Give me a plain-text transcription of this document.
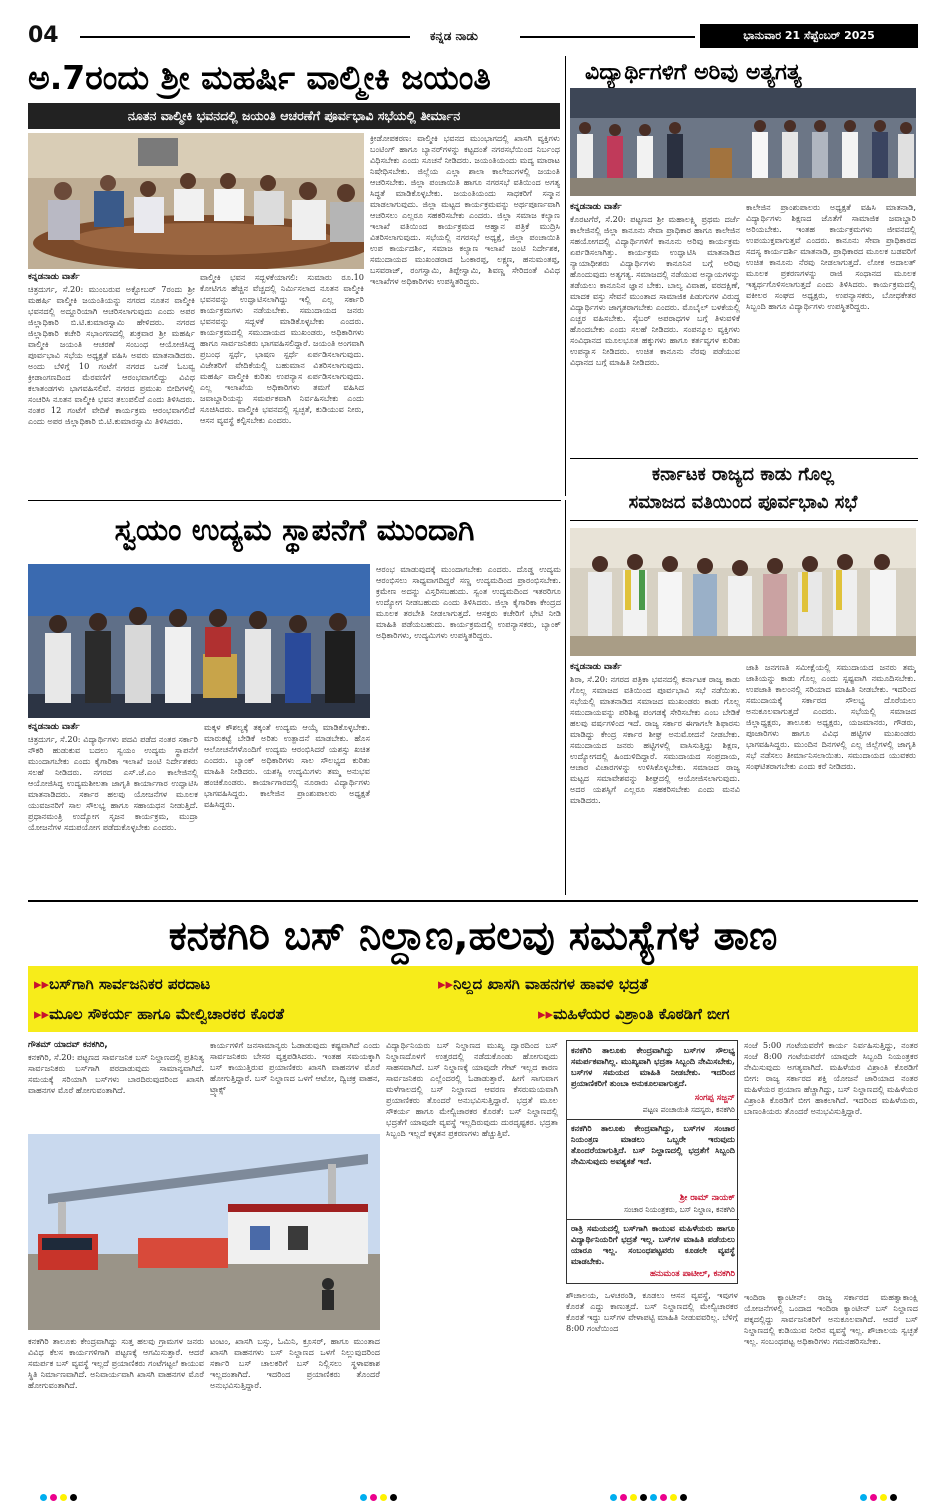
04	ಕನ್ನಡ ನಾಡು	ಭಾನುವಾರ 21 ಸೆಪ್ಟೆಂಬರ್ 2025
ಅ.7ರಂದು ಶ್ರೀ ಮಹರ್ಷಿ ವಾಲ್ಮೀಕಿ ಜಯಂತಿ
ನೂತನ ವಾಲ್ಮೀಕಿ ಭವನದಲ್ಲಿ ಜಯಂತಿ ಆಚರಣೆಗೆ ಪೂರ್ವಭಾವಿ ಸಭೆಯಲ್ಲಿ ತೀರ್ಮಾನ
ಕ್ರೀಡೋಪಕರಣ: ವಾಲ್ಮೀಕಿ ಭವನದ ಮುಂಭಾಗದಲ್ಲಿ ಖಾಸಗಿ ವ್ಯಕ್ತಿಗಳು ಬಂಟಿಂಗ್ ಹಾಗೂ ಬ್ಯಾನರ್‌ಗಳನ್ನು ಕಟ್ಟದಂತೆ ನಗರಸಭೆಯಿಂದ ನಿರ್ಬಂಧ ವಿಧಿಸಬೇಕು ಎಂದು ಸೂಚನೆ ನೀಡಿದರು. ಜಯಂತಿಯಂದು ಮದ್ಯ ಮಾರಾಟ ನಿಷೇಧಿಸಬೇಕು. ಜಿಲ್ಲೆಯ ಎಲ್ಲಾ ಶಾಲಾ ಕಾಲೇಜುಗಳಲ್ಲಿ ಜಯಂತಿ ಆಚರಿಸಬೇಕು. ಜಿಲ್ಲಾ ಪಂಚಾಯಿತಿ ಹಾಗೂ ನಗರಸಭೆ ವತಿಯಿಂದ ಅಗತ್ಯ ಸಿದ್ಧತೆ ಮಾಡಿಕೊಳ್ಳಬೇಕು. ಜಯಂತಿಯಂದು ಸಾಧಕರಿಗೆ ಸನ್ಮಾನ ಮಾಡಲಾಗುವುದು. ಜಿಲ್ಲಾ ಮಟ್ಟದ ಕಾರ್ಯಕ್ರಮವನ್ನು ಅರ್ಥಪೂರ್ಣವಾಗಿ ಆಚರಿಸಲು ಎಲ್ಲರೂ ಸಹಕರಿಸಬೇಕು ಎಂದರು. ಜಿಲ್ಲಾ ಸಮಾಜ ಕಲ್ಯಾಣ ಇಲಾಖೆ ವತಿಯಿಂದ ಕಾರ್ಯಕ್ರಮದ ಆಹ್ವಾನ ಪತ್ರಿಕೆ ಮುದ್ರಿಸಿ ವಿತರಿಸಲಾಗುವುದು. ಸಭೆಯಲ್ಲಿ ನಗರಸಭೆ ಅಧ್ಯಕ್ಷೆ, ಜಿಲ್ಲಾ ಪಂಚಾಯಿತಿ ಉಪ ಕಾರ್ಯದರ್ಶಿ, ಸಮಾಜ ಕಲ್ಯಾಣ ಇಲಾಖೆ ಜಂಟಿ ನಿರ್ದೇಶಕ, ಸಮುದಾಯದ ಮುಖಂಡರಾದ ಓಂಕಾರಪ್ಪ, ಲಕ್ಷ್ಮಣ, ಹನುಮಂತಪ್ಪ, ಬಸವರಾಜ್, ರಂಗಸ್ವಾಮಿ, ತಿಪ್ಪೇಸ್ವಾಮಿ, ಶಿವಣ್ಣ ಸೇರಿದಂತೆ ವಿವಿಧ ಇಲಾಖೆಗಳ ಅಧಿಕಾರಿಗಳು ಉಪಸ್ಥಿತರಿದ್ದರು.
ಕನ್ನಡನಾಡು ವಾರ್ತೆ
ಚಿತ್ರದುರ್ಗ, ಸೆ.20: ಮುಂಬರುವ ಅಕ್ಟೋಬರ್ 7ರಂದು ಶ್ರೀ ಮಹರ್ಷಿ ವಾಲ್ಮೀಕಿ ಜಯಂತಿಯನ್ನು ನಗರದ ನೂತನ ವಾಲ್ಮೀಕಿ ಭವನದಲ್ಲಿ ಅದ್ದೂರಿಯಾಗಿ ಆಚರಿಸಲಾಗುವುದು ಎಂದು ಅಪರ ಜಿಲ್ಲಾಧಿಕಾರಿ ಬಿ.ಟಿ.ಕುಮಾರಸ್ವಾಮಿ ಹೇಳಿದರು. ನಗರದ ಜಿಲ್ಲಾಧಿಕಾರಿ ಕಚೇರಿ ಸಭಾಂಗಣದಲ್ಲಿ ಶುಕ್ರವಾರ ಶ್ರೀ ಮಹರ್ಷಿ ವಾಲ್ಮೀಕಿ ಜಯಂತಿ ಆಚರಣೆ ಸಂಬಂಧ ಆಯೋಜಿಸಿದ್ದ ಪೂರ್ವಭಾವಿ ಸಭೆಯ ಅಧ್ಯಕ್ಷತೆ ವಹಿಸಿ ಅವರು ಮಾತನಾಡಿದರು. ಅಂದು ಬೆಳಿಗ್ಗೆ 10 ಗಂಟೆಗೆ ನಗರದ ಒನಕೆ ಓಬವ್ವ ಕ್ರೀಡಾಂಗಣದಿಂದ ಮೆರವಣಿಗೆ ಆರಂಭವಾಗಲಿದ್ದು ವಿವಿಧ ಕಲಾತಂಡಗಳು ಭಾಗವಹಿಸಲಿವೆ. ನಗರದ ಪ್ರಮುಖ ಬೀದಿಗಳಲ್ಲಿ ಸಂಚರಿಸಿ ನೂತನ ವಾಲ್ಮೀಕಿ ಭವನ ತಲುಪಲಿದೆ ಎಂದು ತಿಳಿಸಿದರು. ನಂತರ 12 ಗಂಟೆಗೆ ವೇದಿಕೆ ಕಾರ್ಯಕ್ರಮ ಆರಂಭವಾಗಲಿದೆ ಎಂದು ಅಪರ ಜಿಲ್ಲಾಧಿಕಾರಿ ಬಿ.ಟಿ.ಕುಮಾರಸ್ವಾಮಿ ತಿಳಿಸಿದರು.
ವಾಲ್ಮೀಕಿ ಭವನ ಸದ್ಬಳಕೆಯಾಗಲಿ: ಸುಮಾರು ರೂ.10 ಕೋಟಿಗೂ ಹೆಚ್ಚಿನ ವೆಚ್ಚದಲ್ಲಿ ನಿರ್ಮಿಸಲಾದ ನೂತನ ವಾಲ್ಮೀಕಿ ಭವನವನ್ನು ಉದ್ಘಾಟಿಸಲಾಗಿದ್ದು ಇಲ್ಲಿ ಎಲ್ಲ ಸರ್ಕಾರಿ ಕಾರ್ಯಕ್ರಮಗಳು ನಡೆಯಬೇಕು. ಸಮುದಾಯದ ಜನರು ಭವನವನ್ನು ಸದ್ಬಳಕೆ ಮಾಡಿಕೊಳ್ಳಬೇಕು ಎಂದರು. ಕಾರ್ಯಕ್ರಮದಲ್ಲಿ ಸಮುದಾಯದ ಮುಖಂಡರು, ಅಧಿಕಾರಿಗಳು ಹಾಗೂ ಸಾರ್ವಜನಿಕರು ಭಾಗವಹಿಸಲಿದ್ದಾರೆ. ಜಯಂತಿ ಅಂಗವಾಗಿ ಪ್ರಬಂಧ ಸ್ಪರ್ಧೆ, ಭಾಷಣ ಸ್ಪರ್ಧೆ ಏರ್ಪಡಿಸಲಾಗುವುದು. ವಿಜೇತರಿಗೆ ವೇದಿಕೆಯಲ್ಲಿ ಬಹುಮಾನ ವಿತರಿಸಲಾಗುವುದು. ಮಹರ್ಷಿ ವಾಲ್ಮೀಕಿ ಕುರಿತು ಉಪನ್ಯಾಸ ಏರ್ಪಡಿಸಲಾಗುವುದು. ಎಲ್ಲ ಇಲಾಖೆಯ ಅಧಿಕಾರಿಗಳು ತಮಗೆ ವಹಿಸಿದ ಜವಾಬ್ದಾರಿಯನ್ನು ಸಮರ್ಪಕವಾಗಿ ನಿರ್ವಹಿಸಬೇಕು ಎಂದು ಸೂಚಿಸಿದರು. ವಾಲ್ಮೀಕಿ ಭವನದಲ್ಲಿ ಸ್ವಚ್ಛತೆ, ಕುಡಿಯುವ ನೀರು, ಆಸನ ವ್ಯವಸ್ಥೆ ಕಲ್ಪಿಸಬೇಕು ಎಂದರು.
ವಿದ್ಯಾರ್ಥಿಗಳಿಗೆ ಅರಿವು ಅತ್ಯಗತ್ಯ
ಕನ್ನಡನಾಡು ವಾರ್ತೆ
ಕೊರಟಗೆರೆ, ಸೆ.20: ಪಟ್ಟಣದ ಶ್ರೀ ಮಹಾಲಕ್ಷ್ಮಿ ಪ್ರಥಮ ದರ್ಜೆ ಕಾಲೇಜಿನಲ್ಲಿ ಜಿಲ್ಲಾ ಕಾನೂನು ಸೇವಾ ಪ್ರಾಧಿಕಾರ ಹಾಗೂ ಕಾಲೇಜಿನ ಸಹಯೋಗದಲ್ಲಿ ವಿದ್ಯಾರ್ಥಿಗಳಿಗೆ ಕಾನೂನು ಅರಿವು ಕಾರ್ಯಕ್ರಮ ಏರ್ಪಡಿಸಲಾಗಿತ್ತು. ಕಾರ್ಯಕ್ರಮ ಉದ್ಘಾಟಿಸಿ ಮಾತನಾಡಿದ ನ್ಯಾಯಾಧೀಶರು ವಿದ್ಯಾರ್ಥಿಗಳು ಕಾನೂನಿನ ಬಗ್ಗೆ ಅರಿವು ಹೊಂದುವುದು ಅತ್ಯಗತ್ಯ. ಸಮಾಜದಲ್ಲಿ ನಡೆಯುವ ಅನ್ಯಾಯಗಳನ್ನು ತಡೆಯಲು ಕಾನೂನಿನ ಜ್ಞಾನ ಬೇಕು. ಬಾಲ್ಯ ವಿವಾಹ, ವರದಕ್ಷಿಣೆ, ಮಾದಕ ವಸ್ತು ಸೇವನೆ ಮುಂತಾದ ಸಾಮಾಜಿಕ ಪಿಡುಗುಗಳ ವಿರುದ್ಧ ವಿದ್ಯಾರ್ಥಿಗಳು ಜಾಗೃತರಾಗಬೇಕು ಎಂದರು. ಮೊಬೈಲ್ ಬಳಕೆಯಲ್ಲಿ ಎಚ್ಚರ ವಹಿಸಬೇಕು. ಸೈಬರ್ ಅಪರಾಧಗಳ ಬಗ್ಗೆ ತಿಳುವಳಿಕೆ ಹೊಂದಬೇಕು ಎಂದು ಸಲಹೆ ನೀಡಿದರು. ಸಂಪನ್ಮೂಲ ವ್ಯಕ್ತಿಗಳು ಸಂವಿಧಾನದ ಮೂಲಭೂತ ಹಕ್ಕುಗಳು ಹಾಗೂ ಕರ್ತವ್ಯಗಳ ಕುರಿತು ಉಪನ್ಯಾಸ ನೀಡಿದರು. ಉಚಿತ ಕಾನೂನು ನೆರವು ಪಡೆಯುವ ವಿಧಾನದ ಬಗ್ಗೆ ಮಾಹಿತಿ ನೀಡಿದರು.
ಕಾಲೇಜಿನ ಪ್ರಾಂಶುಪಾಲರು ಅಧ್ಯಕ್ಷತೆ ವಹಿಸಿ ಮಾತನಾಡಿ, ವಿದ್ಯಾರ್ಥಿಗಳು ಶಿಕ್ಷಣದ ಜೊತೆಗೆ ಸಾಮಾಜಿಕ ಜವಾಬ್ದಾರಿ ಅರಿಯಬೇಕು. ಇಂತಹ ಕಾರ್ಯಕ್ರಮಗಳು ಜೀವನದಲ್ಲಿ ಉಪಯುಕ್ತವಾಗುತ್ತವೆ ಎಂದರು. ಕಾನೂನು ಸೇವಾ ಪ್ರಾಧಿಕಾರದ ಸದಸ್ಯ ಕಾರ್ಯದರ್ಶಿ ಮಾತನಾಡಿ, ಪ್ರಾಧಿಕಾರದ ಮೂಲಕ ಬಡವರಿಗೆ ಉಚಿತ ಕಾನೂನು ನೆರವು ನೀಡಲಾಗುತ್ತದೆ. ಲೋಕ ಅದಾಲತ್ ಮೂಲಕ ಪ್ರಕರಣಗಳನ್ನು ರಾಜಿ ಸಂಧಾನದ ಮೂಲಕ ಇತ್ಯರ್ಥಗೊಳಿಸಲಾಗುತ್ತದೆ ಎಂದು ತಿಳಿಸಿದರು. ಕಾರ್ಯಕ್ರಮದಲ್ಲಿ ವಕೀಲರ ಸಂಘದ ಅಧ್ಯಕ್ಷರು, ಉಪನ್ಯಾಸಕರು, ಬೋಧಕೇತರ ಸಿಬ್ಬಂದಿ ಹಾಗೂ ವಿದ್ಯಾರ್ಥಿಗಳು ಉಪಸ್ಥಿತರಿದ್ದರು.
ಕರ್ನಾಟಕ ರಾಜ್ಯದ ಕಾಡು ಗೊಲ್ಲ
ಸಮಾಜದ ವತಿಯಿಂದ ಪೂರ್ವಭಾವಿ ಸಭೆ
ಕನ್ನಡನಾಡು ವಾರ್ತೆ
ಶಿರಾ, ಸೆ.20: ನಗರದ ಪತ್ರಿಕಾ ಭವನದಲ್ಲಿ ಕರ್ನಾಟಕ ರಾಜ್ಯ ಕಾಡು ಗೊಲ್ಲ ಸಮಾಜದ ವತಿಯಿಂದ ಪೂರ್ವಭಾವಿ ಸಭೆ ನಡೆಯಿತು. ಸಭೆಯಲ್ಲಿ ಮಾತನಾಡಿದ ಸಮಾಜದ ಮುಖಂಡರು ಕಾಡು ಗೊಲ್ಲ ಸಮುದಾಯವನ್ನು ಪರಿಶಿಷ್ಟ ಪಂಗಡಕ್ಕೆ ಸೇರಿಸಬೇಕು ಎಂಬ ಬೇಡಿಕೆ ಹಲವು ವರ್ಷಗಳಿಂದ ಇದೆ. ರಾಜ್ಯ ಸರ್ಕಾರ ಈಗಾಗಲೇ ಶಿಫಾರಸು ಮಾಡಿದ್ದು ಕೇಂದ್ರ ಸರ್ಕಾರ ಶೀಘ್ರ ಅನುಮೋದನೆ ನೀಡಬೇಕು. ಸಮುದಾಯದ ಜನರು ಹಟ್ಟಿಗಳಲ್ಲಿ ವಾಸಿಸುತ್ತಿದ್ದು ಶಿಕ್ಷಣ, ಉದ್ಯೋಗದಲ್ಲಿ ಹಿಂದುಳಿದಿದ್ದಾರೆ. ಸಮುದಾಯದ ಸಂಪ್ರದಾಯ, ಆಚಾರ ವಿಚಾರಗಳನ್ನು ಉಳಿಸಿಕೊಳ್ಳಬೇಕು. ಸಮಾಜದ ರಾಜ್ಯ ಮಟ್ಟದ ಸಮಾವೇಶವನ್ನು ಶೀಘ್ರದಲ್ಲಿ ಆಯೋಜಿಸಲಾಗುವುದು. ಅದರ ಯಶಸ್ಸಿಗೆ ಎಲ್ಲರೂ ಸಹಕರಿಸಬೇಕು ಎಂದು ಮನವಿ ಮಾಡಿದರು.
ಜಾತಿ ಜನಗಣತಿ ಸಮೀಕ್ಷೆಯಲ್ಲಿ ಸಮುದಾಯದ ಜನರು ತಮ್ಮ ಜಾತಿಯನ್ನು ಕಾಡು ಗೊಲ್ಲ ಎಂದು ಸ್ಪಷ್ಟವಾಗಿ ನಮೂದಿಸಬೇಕು. ಉಪಜಾತಿ ಕಾಲಂನಲ್ಲಿ ಸರಿಯಾದ ಮಾಹಿತಿ ನೀಡಬೇಕು. ಇದರಿಂದ ಸಮುದಾಯಕ್ಕೆ ಸರ್ಕಾರದ ಸೌಲಭ್ಯ ದೊರೆಯಲು ಅನುಕೂಲವಾಗುತ್ತದೆ ಎಂದರು. ಸಭೆಯಲ್ಲಿ ಸಮಾಜದ ಜಿಲ್ಲಾಧ್ಯಕ್ಷರು, ತಾಲೂಕು ಅಧ್ಯಕ್ಷರು, ಯಜಮಾನರು, ಗೌಡರು, ಪೂಜಾರಿಗಳು ಹಾಗೂ ವಿವಿಧ ಹಟ್ಟಿಗಳ ಮುಖಂಡರು ಭಾಗವಹಿಸಿದ್ದರು. ಮುಂದಿನ ದಿನಗಳಲ್ಲಿ ಎಲ್ಲ ಜಿಲ್ಲೆಗಳಲ್ಲಿ ಜಾಗೃತಿ ಸಭೆ ನಡೆಸಲು ತೀರ್ಮಾನಿಸಲಾಯಿತು. ಸಮುದಾಯದ ಯುವಕರು ಸಂಘಟಿತರಾಗಬೇಕು ಎಂದು ಕರೆ ನೀಡಿದರು.
ಸ್ವಯಂ ಉದ್ಯಮ ಸ್ಥಾಪನೆಗೆ ಮುಂದಾಗಿ
ಆರಂಭ ಮಾಡುವುದಕ್ಕೆ ಮುಂದಾಗಬೇಕು ಎಂದರು. ದೊಡ್ಡ ಉದ್ಯಮ ಆರಂಭಿಸಲು ಸಾಧ್ಯವಾಗದಿದ್ದರೆ ಸಣ್ಣ ಉದ್ಯಮದಿಂದ ಪ್ರಾರಂಭಿಸಬೇಕು. ಕ್ರಮೇಣ ಅದನ್ನು ವಿಸ್ತರಿಸಬಹುದು. ಸ್ವಂತ ಉದ್ಯಮದಿಂದ ಇತರರಿಗೂ ಉದ್ಯೋಗ ನೀಡಬಹುದು ಎಂದು ತಿಳಿಸಿದರು. ಜಿಲ್ಲಾ ಕೈಗಾರಿಕಾ ಕೇಂದ್ರದ ಮೂಲಕ ತರಬೇತಿ ನೀಡಲಾಗುತ್ತದೆ. ಆಸಕ್ತರು ಕಚೇರಿಗೆ ಭೇಟಿ ನೀಡಿ ಮಾಹಿತಿ ಪಡೆಯಬಹುದು. ಕಾರ್ಯಕ್ರಮದಲ್ಲಿ ಉಪನ್ಯಾಸಕರು, ಬ್ಯಾಂಕ್ ಅಧಿಕಾರಿಗಳು, ಉದ್ಯಮಿಗಳು ಉಪಸ್ಥಿತರಿದ್ದರು.
ಕನ್ನಡನಾಡು ವಾರ್ತೆ
ಚಿತ್ರದುರ್ಗ, ಸೆ.20: ವಿದ್ಯಾರ್ಥಿಗಳು ಪದವಿ ಪಡೆದ ನಂತರ ಸರ್ಕಾರಿ ನೌಕರಿ ಹುಡುಕುವ ಬದಲು ಸ್ವಯಂ ಉದ್ಯಮ ಸ್ಥಾಪನೆಗೆ ಮುಂದಾಗಬೇಕು ಎಂದು ಕೈಗಾರಿಕಾ ಇಲಾಖೆ ಜಂಟಿ ನಿರ್ದೇಶಕರು ಸಲಹೆ ನೀಡಿದರು. ನಗರದ ಎಸ್.ಜೆ.ಎಂ ಕಾಲೇಜಿನಲ್ಲಿ ಆಯೋಜಿಸಿದ್ದ ಉದ್ಯಮಶೀಲತಾ ಜಾಗೃತಿ ಕಾರ್ಯಾಗಾರ ಉದ್ಘಾಟಿಸಿ ಮಾತನಾಡಿದರು. ಸರ್ಕಾರ ಹಲವು ಯೋಜನೆಗಳ ಮೂಲಕ ಯುವಜನರಿಗೆ ಸಾಲ ಸೌಲಭ್ಯ ಹಾಗೂ ಸಹಾಯಧನ ನೀಡುತ್ತಿದೆ. ಪ್ರಧಾನಮಂತ್ರಿ ಉದ್ಯೋಗ ಸೃಜನ ಕಾರ್ಯಕ್ರಮ, ಮುದ್ರಾ ಯೋಜನೆಗಳ ಸದುಪಯೋಗ ಪಡೆದುಕೊಳ್ಳಬೇಕು ಎಂದರು.
ಮಕ್ಕಳ ಕೌಶಲ್ಯಕ್ಕೆ ತಕ್ಕಂತೆ ಉದ್ಯಮ ಆಯ್ಕೆ ಮಾಡಿಕೊಳ್ಳಬೇಕು. ಮಾರುಕಟ್ಟೆ ಬೇಡಿಕೆ ಅರಿತು ಉತ್ಪಾದನೆ ಮಾಡಬೇಕು. ಹೊಸ ಆಲೋಚನೆಗಳೊಂದಿಗೆ ಉದ್ಯಮ ಆರಂಭಿಸಿದರೆ ಯಶಸ್ಸು ಖಚಿತ ಎಂದರು. ಬ್ಯಾಂಕ್ ಅಧಿಕಾರಿಗಳು ಸಾಲ ಸೌಲಭ್ಯದ ಕುರಿತು ಮಾಹಿತಿ ನೀಡಿದರು. ಯಶಸ್ವಿ ಉದ್ಯಮಿಗಳು ತಮ್ಮ ಅನುಭವ ಹಂಚಿಕೊಂಡರು. ಕಾರ್ಯಾಗಾರದಲ್ಲಿ ನೂರಾರು ವಿದ್ಯಾರ್ಥಿಗಳು ಭಾಗವಹಿಸಿದ್ದರು. ಕಾಲೇಜಿನ ಪ್ರಾಂಶುಪಾಲರು ಅಧ್ಯಕ್ಷತೆ ವಹಿಸಿದ್ದರು.
ಕನಕಗಿರಿ ಬಸ್ ನಿಲ್ದಾಣ,ಹಲವು ಸಮಸ್ಯೆಗಳ ತಾಣ
▸▸ಬಸ್‌ಗಾಗಿ ಸಾರ್ವಜನಿಕರ ಪರದಾಟ	▸▸ನಿಲ್ದದ ಖಾಸಗಿ ವಾಹನಗಳ ಹಾವಳಿ ಭದ್ರತೆ
▸▸ಮೂಲ ಸೌಕರ್ಯ ಹಾಗೂ ಮೇಲ್ವಿಚಾರಕರ ಕೊರತೆ	▸▸ಮಹಿಳೆಯರ ವಿಶ್ರಾಂತಿ ಕೊಠಡಿಗೆ ಬೀಗ
ಗೌತಮ್ ಯಾದವ್ ಕನಕಗಿರಿ,
ಕನಕಗಿರಿ, ಸೆ.20: ಪಟ್ಟಣದ ಸಾರ್ವಜನಿಕ ಬಸ್ ನಿಲ್ದಾಣದಲ್ಲಿ ಪ್ರತಿನಿತ್ಯ ಸಾರ್ವಜನಿಕರು ಬಸ್‌ಗಾಗಿ ಪರದಾಡುವುದು ಸಾಮಾನ್ಯವಾಗಿದೆ. ಸಮಯಕ್ಕೆ ಸರಿಯಾಗಿ ಬಸ್‌ಗಳು ಬಾರದಿರುವುದರಿಂದ ಖಾಸಗಿ ವಾಹನಗಳ ಮೊರೆ ಹೋಗುವಂತಾಗಿದೆ.
ಕಾರ್ಯಗಳಿಗೆ ಜನಸಾಮಾನ್ಯರು ಓಡಾಡುವುದು ಕಷ್ಟವಾಗಿದೆ ಎಂದು ಸಾರ್ವಜನಿಕರು ಬೇಸರ ವ್ಯಕ್ತಪಡಿಸಿದರು. ಇಂತಹ ಸಮಯಕ್ಕಾಗಿ ಬಸ್ ಕಾಯುತ್ತಿರುವ ಪ್ರಯಾಣಿಕರು ಖಾಸಗಿ ವಾಹನಗಳ ಮೊರೆ ಹೋಗುತ್ತಿದ್ದಾರೆ. ಬಸ್ ನಿಲ್ದಾಣದ ಒಳಗೆ ಆಟೋ, ದ್ವಿಚಕ್ರ ವಾಹನ, ಟ್ರ್ಯಾಕ್ಸ್
ವಿದ್ಯಾರ್ಥಿನಿಯರು ಬಸ್ ನಿಲ್ದಾಣದ ಮುಖ್ಯ ದ್ವಾರದಿಂದ ಬಸ್ ನಿಲ್ದಾಣದೊಳಗೆ ಉತ್ತರದಲ್ಲಿ ನಡೆದುಕೊಂಡು ಹೋಗುವುದು ಸಾಹಸವಾಗಿದೆ. ಬಸ್ ನಿಲ್ದಾಣಕ್ಕೆ ಯಾವುದೇ ಗೇಟ್ ಇಲ್ಲದ ಕಾರಣ ಸಾರ್ವಜನಿಕರು ಎಲ್ಲೆಂದರಲ್ಲಿ ಓಡಾಡುತ್ತಾರೆ. ಹೀಗೆ ಸಾಗುವಾಗ ಮಳೆಗಾಲದಲ್ಲಿ ಬಸ್ ನಿಲ್ದಾಣದ ಆವರಣ ಕೆಸರುಮಯವಾಗಿ ಪ್ರಯಾಣಿಕರು ತೊಂದರೆ ಅನುಭವಿಸುತ್ತಿದ್ದಾರೆ. ಭದ್ರತೆ ಮೂಲ ಸೌಕರ್ಯ ಹಾಗೂ ಮೇಲ್ವಿಚಾರಕರ ಕೊರತೆ: ಬಸ್ ನಿಲ್ದಾಣದಲ್ಲಿ ಭದ್ರತೆಗೆ ಯಾವುದೇ ವ್ಯವಸ್ಥೆ ಇಲ್ಲದಿರುವುದು ದುರದೃಷ್ಟಕರ. ಭದ್ರತಾ ಸಿಬ್ಬಂದಿ ಇಲ್ಲದೆ ಕಳ್ಳತನ ಪ್ರಕರಣಗಳು ಹೆಚ್ಚುತ್ತಿವೆ.
ಕನಕಗಿರಿ ತಾಲೂಕು ಕೇಂದ್ರವಾಗಿದ್ದು ಸುತ್ತ ಹಲವು ಗ್ರಾಮಗಳ ಜನರು ವಿವಿಧ ಕೆಲಸ ಕಾರ್ಯಗಳಿಗಾಗಿ ಪಟ್ಟಣಕ್ಕೆ ಆಗಮಿಸುತ್ತಾರೆ. ಆದರೆ ಸಮರ್ಪಕ ಬಸ್ ವ್ಯವಸ್ಥೆ ಇಲ್ಲದೆ ಪ್ರಯಾಣಿಕರು ಗಂಟೆಗಟ್ಟಲೆ ಕಾಯುವ ಸ್ಥಿತಿ ನಿರ್ಮಾಣವಾಗಿದೆ. ಅನಿವಾರ್ಯವಾಗಿ ಖಾಸಗಿ ವಾಹನಗಳ ಮೊರೆ ಹೋಗುವಂತಾಗಿದೆ.
ಟಂಟಂ, ಖಾಸಗಿ ಬಸ್ಸು, ಓಮಿನಿ, ಕ್ರೂಸರ್, ಹಾಗೂ ಮುಂತಾದ ಖಾಸಗಿ ವಾಹನಗಳು ಬಸ್ ನಿಲ್ದಾಣದ ಒಳಗೆ ನಿಲ್ಲುವುದರಿಂದ ಸರ್ಕಾರಿ ಬಸ್ ಚಾಲಕರಿಗೆ ಬಸ್ ನಿಲ್ಲಿಸಲು ಸ್ಥಳಾವಕಾಶ ಇಲ್ಲದಂತಾಗಿದೆ. ಇದರಿಂದ ಪ್ರಯಾಣಿಕರು ತೊಂದರೆ ಅನುಭವಿಸುತ್ತಿದ್ದಾರೆ.
ಕನಕಗಿರಿ ತಾಲೂಕು ಕೇಂದ್ರವಾಗಿದ್ದು ಬಸ್‌ಗಳ ಸೌಲಭ್ಯ ಸಮರ್ಪಕವಾಗಿಲ್ಲ. ಮುಖ್ಯವಾಗಿ ಭದ್ರತಾ ಸಿಬ್ಬಂದಿ ನೇಮಿಸಬೇಕು, ಬಸ್‌ಗಳ ಸಮಯದ ಮಾಹಿತಿ ನೀಡಬೇಕು. ಇದರಿಂದ ಪ್ರಯಾಣಿಕರಿಗೆ ತುಂಬಾ ಅನುಕೂಲವಾಗುತ್ತದೆ.
ಸಂಗಪ್ಪ ಸಜ್ಜನ್
ಪಟ್ಟಣ ಪಂಚಾಯಿತಿ ಸದಸ್ಯರು, ಕನಕಗಿರಿ
ಕನಕಗಿರಿ ತಾಲೂಕು ಕೇಂದ್ರವಾಗಿದ್ದು, ಬಸ್‌ಗಳ ಸಂಚಾರ ನಿಯಂತ್ರಣ ಮಾಡಲು ಒಬ್ಬರೇ ಇರುವುದು ತೊಂದರೆಯಾಗುತ್ತಿದೆ. ಬಸ್ ನಿಲ್ದಾಣದಲ್ಲಿ ಭದ್ರತೆಗೆ ಸಿಬ್ಬಂದಿ ನೇಮಿಸುವುದು ಅವಶ್ಯಕತೆ ಇದೆ.
ಶ್ರೀ ರಾಮ್ ನಾಯಕ್
ಸಂಚಾರ ನಿಯಂತ್ರಕರು, ಬಸ್ ನಿಲ್ದಾಣ, ಕನಕಗಿರಿ
ರಾತ್ರಿ ಸಮಯದಲ್ಲಿ ಬಸ್‌ಗಾಗಿ ಕಾಯುವ ಮಹಿಳೆಯರು ಹಾಗೂ ವಿದ್ಯಾರ್ಥಿನಿಯರಿಗೆ ಭದ್ರತೆ ಇಲ್ಲ. ಬಸ್‌ಗಳ ಮಾಹಿತಿ ಪಡೆಯಲು ಯಾರೂ ಇಲ್ಲ. ಸಂಬಂಧಪಟ್ಟವರು ಕೂಡಲೇ ವ್ಯವಸ್ಥೆ ಮಾಡಬೇಕು.
ಹನುಮಂತ ಪಾಟೀಲ್, ಕನಕಗಿರಿ
ಸಂಜೆ 5:00 ಗಂಟೆಯವರೆಗೆ ಕಾರ್ಯ ನಿರ್ವಹಿಸುತ್ತಿದ್ದು, ನಂತರ ಸಂಜೆ 8:00 ಗಂಟೆಯವರೆಗೆ ಯಾವುದೇ ಸಿಬ್ಬಂದಿ ನಿಯಂತ್ರಕರ ನೇಮಿಸುವುದು ಅಗತ್ಯವಾಗಿದೆ. ಮಹಿಳೆಯರ ವಿಶ್ರಾಂತಿ ಕೊಠಡಿಗೆ ಬೀಗ: ರಾಜ್ಯ ಸರ್ಕಾರದ ಶಕ್ತಿ ಯೋಜನೆ ಜಾರಿಯಾದ ನಂತರ ಮಹಿಳೆಯರ ಪ್ರಯಾಣ ಹೆಚ್ಚಾಗಿದ್ದು, ಬಸ್ ನಿಲ್ದಾಣದಲ್ಲಿ ಮಹಿಳೆಯರ ವಿಶ್ರಾಂತಿ ಕೊಠಡಿಗೆ ಬೀಗ ಹಾಕಲಾಗಿದೆ. ಇದರಿಂದ ಮಹಿಳೆಯರು, ಬಾಣಂತಿಯರು ತೊಂದರೆ ಅನುಭವಿಸುತ್ತಿದ್ದಾರೆ.
ಇಂದಿರಾ ಕ್ಯಾಂಟೀನ್: ರಾಜ್ಯ ಸರ್ಕಾರದ ಮಹತ್ವಾಕಾಂಕ್ಷಿ ಯೋಜನೆಗಳಲ್ಲಿ ಒಂದಾದ ಇಂದಿರಾ ಕ್ಯಾಂಟೀನ್ ಬಸ್ ನಿಲ್ದಾಣದ ಪಕ್ಕದಲ್ಲಿದ್ದು ಸಾರ್ವಜನಿಕರಿಗೆ ಅನುಕೂಲವಾಗಿದೆ. ಆದರೆ ಬಸ್ ನಿಲ್ದಾಣದಲ್ಲಿ ಕುಡಿಯುವ ನೀರಿನ ವ್ಯವಸ್ಥೆ ಇಲ್ಲ. ಶೌಚಾಲಯ ಸ್ವಚ್ಛತೆ ಇಲ್ಲ. ಸಂಬಂಧಪಟ್ಟ ಅಧಿಕಾರಿಗಳು ಗಮನಹರಿಸಬೇಕು.
ಶೌಚಾಲಯ, ಒಳಚರಂಡಿ, ಕೂಡಲು ಆಸನ ವ್ಯವಸ್ಥೆ, ಇವುಗಳ ಕೊರತೆ ಎದ್ದು ಕಾಣುತ್ತದೆ. ಬಸ್ ನಿಲ್ದಾಣದಲ್ಲಿ ಮೇಲ್ವಿಚಾರಕರ ಕೊರತೆ ಇದ್ದು ಬಸ್‌ಗಳ ವೇಳಾಪಟ್ಟಿ ಮಾಹಿತಿ ನೀಡುವವರಿಲ್ಲ. ಬೆಳಿಗ್ಗೆ 8:00 ಗಂಟೆಯಿಂದ
